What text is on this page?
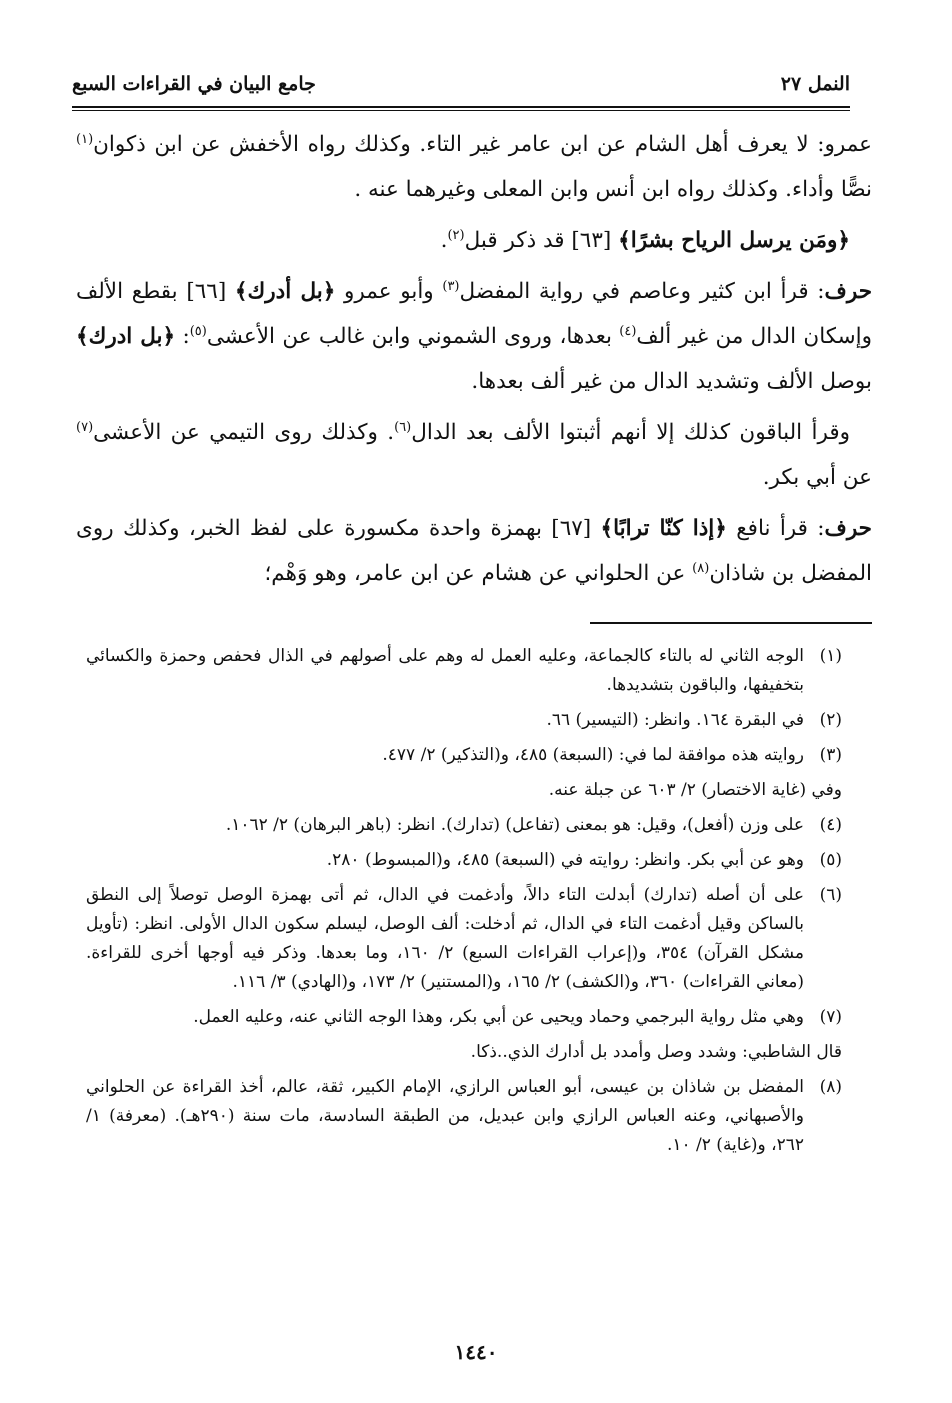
النمل ٢٧
جامع البيان في القراءات السبع

عمرو: لا يعرف أهل الشام عن ابن عامر غير التاء. وكذلك رواه الأخفش عن ابن ذكوان$^{(١)}$ نصًّا وأداء. وكذلك رواه ابن أنس وابن المعلى وغيرهما عنه .

﴿ومَن يرسل الرياح بشرًا﴾ [٦٣] قد ذكر قبل$^{(٢)}$.

حرف: قرأ ابن كثير وعاصم في رواية المفضل$^{(٣)}$ وأبو عمرو ﴿بل أدرك﴾ [٦٦] بقطع الألف وإسكان الدال من غير ألف$^{(٤)}$ بعدها، وروى الشموني وابن غالب عن الأعشى$^{(٥)}$: ﴿بل ادرك﴾ بوصل الألف وتشديد الدال من غير ألف بعدها.

وقرأ الباقون كذلك إلا أنهم أثبتوا الألف بعد الدال$^{(٦)}$. وكذلك روى التيمي عن الأعشى$^{(٧)}$ عن أبي بكر.

حرف: قرأ نافع ﴿إذا كنّا ترابًا﴾ [٦٧] بهمزة واحدة مكسورة على لفظ الخبر، وكذلك روى المفضل بن شاذان$^{(٨)}$ عن الحلواني عن هشام عن ابن عامر، وهو وَهْم؛

(١)
الوجه الثاني له بالتاء كالجماعة، وعليه العمل له وهم على أصولهم في الذال فحفص وحمزة والكسائي بتخفيفها، والباقون بتشديدها.
(٢)
في البقرة ١٦٤. وانظر: (التيسير) ٦٦.
(٣)
روايته هذه موافقة لما في: (السبعة) ٤٨٥، و(التذكير) ٢/ ٤٧٧.
وفي (غاية الاختصار) ٢/ ٦٠٣ عن جبلة عنه.
(٤)
على وزن (أفعل)، وقيل: هو بمعنى (تفاعل) (تدارك). انظر: (باهر البرهان) ٢/ ١٠٦٢.
(٥)
وهو عن أبي بكر. وانظر: روايته في (السبعة) ٤٨٥، و(المبسوط) ٢٨٠.
(٦)
على أن أصله (تدارك) أبدلت التاء دالاً، وأدغمت في الدال، ثم أتى بهمزة الوصل توصلاً إلى النطق بالساكن وقيل أدغمت التاء في الدال، ثم أدخلت: ألف الوصل، ليسلم سكون الدال الأولى. انظر: (تأويل مشكل القرآن) ٣٥٤، و(إعراب القراءات السبع) ٢/ ١٦٠، وما بعدها. وذكر فيه أوجها أخرى للقراءة. (معاني القراءات) ٣٦٠، و(الكشف) ٢/ ١٦٥، و(المستنير) ٢/ ١٧٣، و(الهادي) ٣/ ١١٦.
(٧)
وهي مثل رواية البرجمي وحماد ويحيى عن أبي بكر، وهذا الوجه الثاني عنه، وعليه العمل.
قال الشاطبي: وشدد وصل وأمدد بل أدارك الذي..ذكا.
(٨)
المفضل بن شاذان بن عيسى، أبو العباس الرازي، الإمام الكبير، ثقة، عالم، أخذ القراءة عن الحلواني والأصبهاني، وعنه العباس الرازي وابن عبديل، من الطبقة السادسة، مات سنة (٢٩٠هـ). (معرفة) ١/ ٢٦٢، و(غاية) ٢/ ١٠.
١٤٤٠
